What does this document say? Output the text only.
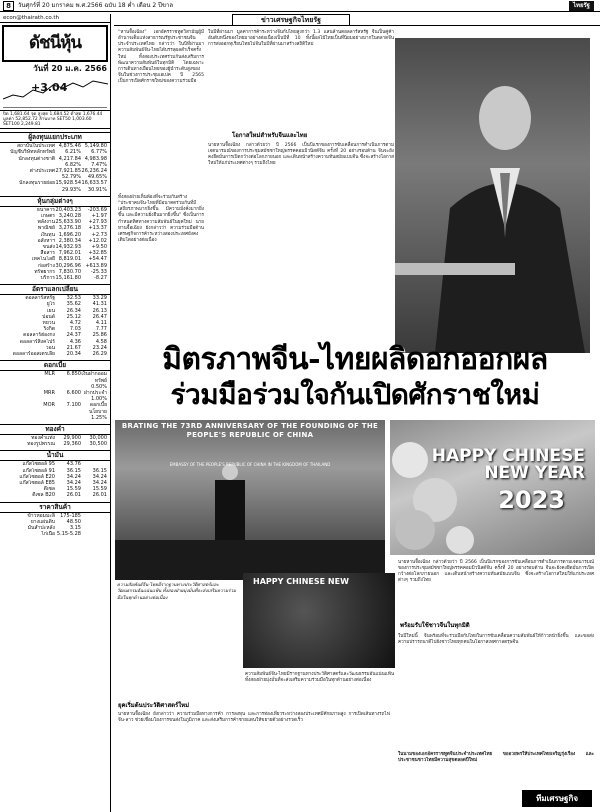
8	วันศุกร์ที่ 20 มกราคม พ.ศ.2566 ฉบับ 18 ค่ำ เดือน 2 ปีขาล	ไทยรัฐ
econ@thairath.co.th
ดัชนีหุ้น
วันที่ 20 ม.ค. 2566
+3.04
ปิด 1,681.64 จุด สูงสุด 1,684.52 ต่ำสุด 1,676.44 มูลค่า 52,852.72 ล้านบาท SET50 1,003.60 SET100 2,249.81
ผู้ลงทุนแยกประเภท
สถาบันในประเทศ 4,875.46 5,149.80
บัญชีบริษัทหลักทรัพย์	6.21%	6.77%
นักลงทุนต่างชาติ 4,217.84 4,983.98
6.82%	7.47%
ต่างประเทศ 27,921.85 26,236.24
52.79%	49.65%
นักลงทุนรายย่อย 15,928.54 16,633.57
29.93%	30.91%
หุ้นกลุ่มต่างๆ
ธนาคาร 20,403.23	-203.69
เกษตร 3,240.28	+1.97
พลังงาน 25,633.90	+27.93
พาณิชย์ 3,276.18	+13.37
เงินทุน 1,696.20	+2.73
อสังหาฯ 2,380.34	+12.02
ขนส่ง 14,932.93	+9.50
สื่อสาร 7,962.01	+32.85
เทคโนโลยี 8,819.01	+54.47
ก่อสร้าง 30,296.96 +613.89
ทรัพยากร 7,830.70	-25.33
บริการ 15,161.80	-8.27
อัตราแลกเปลี่ยน
ดอลลาร์สหรัฐ	32.53	33.29
ยูโร	35.62	41.31
เยน	26.34	26.13
ปอนด์	25.12	26.47
หยวน	4.72	4.11
ริงกิต	7.03	7.77
ดอลลาร์ฮ่องกง	24.37	25.86
ดอลลาร์สิงคโปร์	4.36	4.58
วอน	21.67	23.24
ดอลลาร์ออสเตรเลีย	20.34	26.29
ดอกเบี้ย
MLR	6.850 เงินฝากออมทรัพย์ 0.50%
MRR	6.600 ฝากประจำ 1.00%
MOR	7.100	ดอกเบี้ยนโยบาย 1.25%
ทองคำ
ทองคำแท่ง	29,900	30,000
ทองรูปพรรณ	29,360	30,500
น้ำมัน
แก๊สโซฮอล์ 95	43.76
แก๊สโซฮอล์ 91	36.15	36.15
แก๊สโซฮอล์ E20	34.24	34.24
แก๊สโซฮอล์ E85	34.24	34.24
ดีเซล	15.59	15.59
ดีเซล B20	26.01	26.01
ราคาสินค้า
ข้าวหอมมะลิ	175-185
ยางแผ่นดิบ	48.50
มันสำปะหลัง	3.15
ไก่เนื้อ 5.15-5.28
ข่าวเศรษฐกิจไทยรัฐ
“หานจื้อเฉียง” เอกอัครราชทูตวิสามัญผู้มีอำนาจเต็มแห่งสาธารณรัฐประชาชนจีนประจำประเทศไทย กล่าวว่า ในปีที่ผ่านมา ความสัมพันธ์จีน-ไทยได้บรรลุผลสำเร็จครั้งใหม่ ทั้งสองประเทศร่วมกันส่งเสริมการพัฒนาความสัมพันธ์ในทุกมิติ โดยเฉพาะการเดินทางเยือนไทยของผู้นำระดับสูงของจีนในช่วงการประชุมเอเปค ปี 2565 เป็นการเปิดศักราชใหม่ของความร่วมมือ
ทั้งสองฝ่ายเห็นพ้องที่จะร่วมกันสร้าง “ประชาคมจีน-ไทยที่มีอนาคตร่วมกันที่มีเสถียรภาพมากยิ่งขึ้น มีความมั่งคั่งมากยิ่งขึ้น และมีความยั่งยืนมากยิ่งขึ้น” ซึ่งเป็นการกำหนดทิศทางความสัมพันธ์ในยุคใหม่ นายหานจื้อเฉียง ยังกล่าวว่า ความร่วมมือด้านเศรษฐกิจการค้าระหว่างสองประเทศยังคงเติบโตอย่างต่อเนื่อง
ในปีที่ผ่านมา มูลค่าการค้าระหว่างจีนกับไทยสูงกว่า 1.3 แสนล้านดอลลาร์สหรัฐ จีนเป็นคู่ค้าอันดับหนึ่งของไทยมาอย่างต่อเนื่องเป็นปีที่ 10 ทั้งนี้ผลไม้ไทยเป็นที่นิยมอย่างมากในตลาดจีน การส่งออกทุเรียนไทยไปจีนในปีที่ผ่านมาสร้างสถิติใหม่
โอกาสใหม่สำหรับจีนและไทย
นายหานจื้อเฉียง กล่าวด้วยว่า ปี 2566 เป็นปีแรกของการขับเคลื่อนการดำเนินการตามเจตนารมณ์ของการประชุมสมัชชาใหญ่พรรคคอมมิวนิสต์จีน ครั้งที่ 20 อย่างรอบด้าน จีนจะยังคงยึดมั่นการเปิดกว้างต่อโลกภายนอก และเดินหน้าสร้างความทันสมัยแบบจีน ซึ่งจะสร้างโอกาสใหม่ให้แก่ประเทศต่างๆ รวมถึงไทย
มิตรภาพจีน-ไทยผลิดอกออกผล
ร่วมมือร่วมใจกันเปิดศักราชใหม่
BRATING THE 73RD ANNIVERSARY OF THE FOUNDING OF THE PEOPLE'S REPUBLIC OF CHINA
EMBASSY OF THE PEOPLE'S REPUBLIC OF CHINA IN THE KINGDOM OF THAILAND	HAPPY CHINESE NEW YEAR
2023
ความสัมพันธ์จีน-ไทยมีรากฐานทางประวัติศาสตร์และวัฒนธรรมอันแน่นแฟ้น ทั้งสองฝ่ายมุ่งมั่นที่จะส่งเสริมความร่วมมือในทุกด้านอย่างต่อเนื่อง
HAPPY CHINESE NEW
ยุคเริ่มต้นประวัติศาสตร์ใหม่
นายหานจื้อเฉียง ยังกล่าวว่า ความร่วมมือทางการค้า การลงทุน และการท่องเที่ยวระหว่างสองประเทศมีศักยภาพสูง การเปิดเส้นทางรถไฟจีน-ลาว ช่วยเชื่อมโยงการขนส่งในภูมิภาค และส่งเสริมการค้าชายแดนให้ขยายตัวอย่างรวดเร็ว
ความสัมพันธ์จีน-ไทยมีรากฐานทางประวัติศาสตร์และวัฒนธรรมอันแน่นแฟ้น ทั้งสองฝ่ายมุ่งมั่นที่จะส่งเสริมความร่วมมือในทุกด้านอย่างต่อเนื่อง
พร้อมรับใช้ชาวจีนในทุกมิติ
นายหานจื้อเฉียง กล่าวด้วยว่า ปี 2566 เป็นปีแรกของการขับเคลื่อนการดำเนินการตามเจตนารมณ์ของการประชุมสมัชชาใหญ่พรรคคอมมิวนิสต์จีน ครั้งที่ 20 อย่างรอบด้าน จีนจะยังคงยึดมั่นการเปิดกว้างต่อโลกภายนอก และเดินหน้าสร้างความทันสมัยแบบจีน ซึ่งจะสร้างโอกาสใหม่ให้แก่ประเทศต่างๆ รวมถึงไทย
ในปีใหม่นี้ จีนพร้อมที่จะร่วมมือกับไทยในการขับเคลื่อนความสัมพันธ์ให้ก้าวหน้ายิ่งขึ้น และขอส่งความปรารถนาดีไปยังชาวไทยทุกคนในโอกาสเทศกาลตรุษจีน
ในนามของเอกอัครราชทูตจีนประจำประเทศไทย ขออวยพรให้ประเทศไทยเจริญรุ่งเรือง และประชาชนชาวไทยมีความสุขตลอดปีใหม่
ทีมเศรษฐกิจ
